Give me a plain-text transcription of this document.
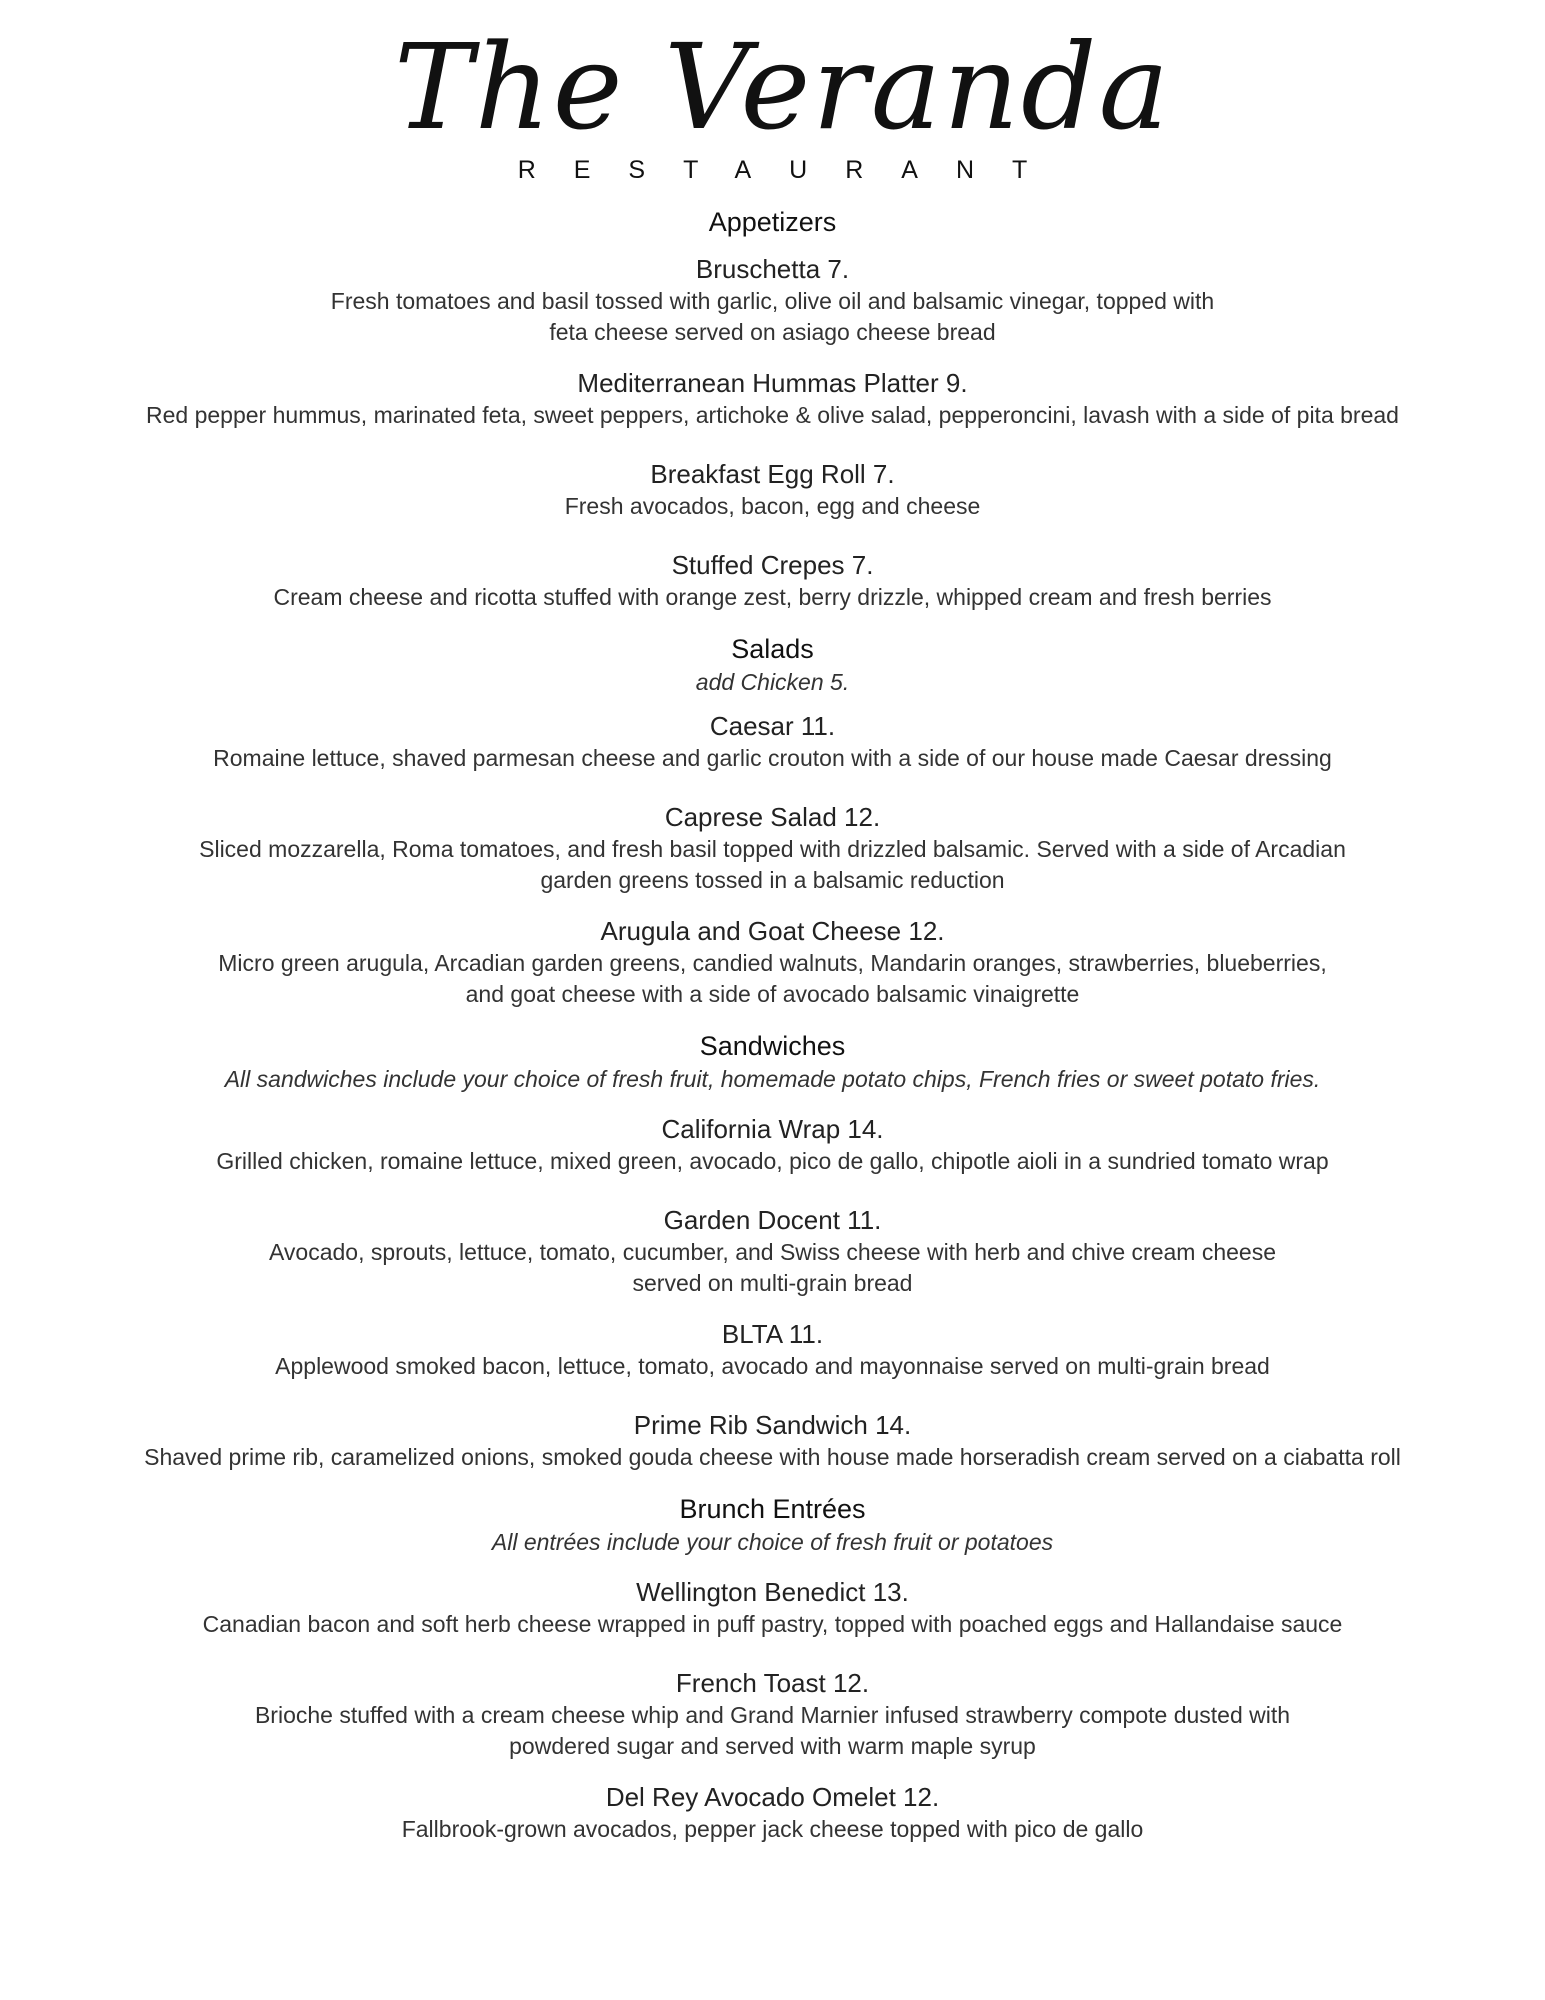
The Veranda

RESTAURANT

Appetizers

Bruschetta 7.

Fresh tomatoes and basil tossed with garlic, olive oil and balsamic vinegar, topped with

feta cheese served on asiago cheese bread

Mediterranean Hummas Platter 9.

Red pepper hummus, marinated feta, sweet peppers, artichoke & olive salad, pepperoncini, lavash with a side of pita bread

Breakfast Egg Roll 7.

Fresh avocados, bacon, egg and cheese

Stuffed Crepes 7.

Cream cheese and ricotta stuffed with orange zest, berry drizzle, whipped cream and fresh berries

Salads

add Chicken 5.

Caesar 11.

Romaine lettuce, shaved parmesan cheese and garlic crouton with a side of our house made Caesar dressing

Caprese Salad 12.

Sliced mozzarella, Roma tomatoes, and fresh basil topped with drizzled balsamic. Served with a side of Arcadian

garden greens tossed in a balsamic reduction

Arugula and Goat Cheese 12.

Micro green arugula, Arcadian garden greens, candied walnuts, Mandarin oranges, strawberries, blueberries,

and goat cheese with a side of avocado balsamic vinaigrette

Sandwiches

All sandwiches include your choice of fresh fruit, homemade potato chips, French fries or sweet potato fries.

California Wrap 14.

Grilled chicken, romaine lettuce, mixed green, avocado, pico de gallo, chipotle aioli in a sundried tomato wrap

Garden Docent 11.

Avocado, sprouts, lettuce, tomato, cucumber, and Swiss cheese with herb and chive cream cheese

served on multi-grain bread

BLTA 11.

Applewood smoked bacon, lettuce, tomato, avocado and mayonnaise served on multi-grain bread

Prime Rib Sandwich 14.

Shaved prime rib, caramelized onions, smoked gouda cheese with house made horseradish cream served on a ciabatta roll

Brunch Entrées

All entrées include your choice of fresh fruit or potatoes

Wellington Benedict 13.

Canadian bacon and soft herb cheese wrapped in puff pastry, topped with poached eggs and Hallandaise sauce

French Toast 12.

Brioche stuffed with a cream cheese whip and Grand Marnier infused strawberry compote dusted with

powdered sugar and served with warm maple syrup

Del Rey Avocado Omelet 12.

Fallbrook-grown avocados, pepper jack cheese topped with pico de gallo
